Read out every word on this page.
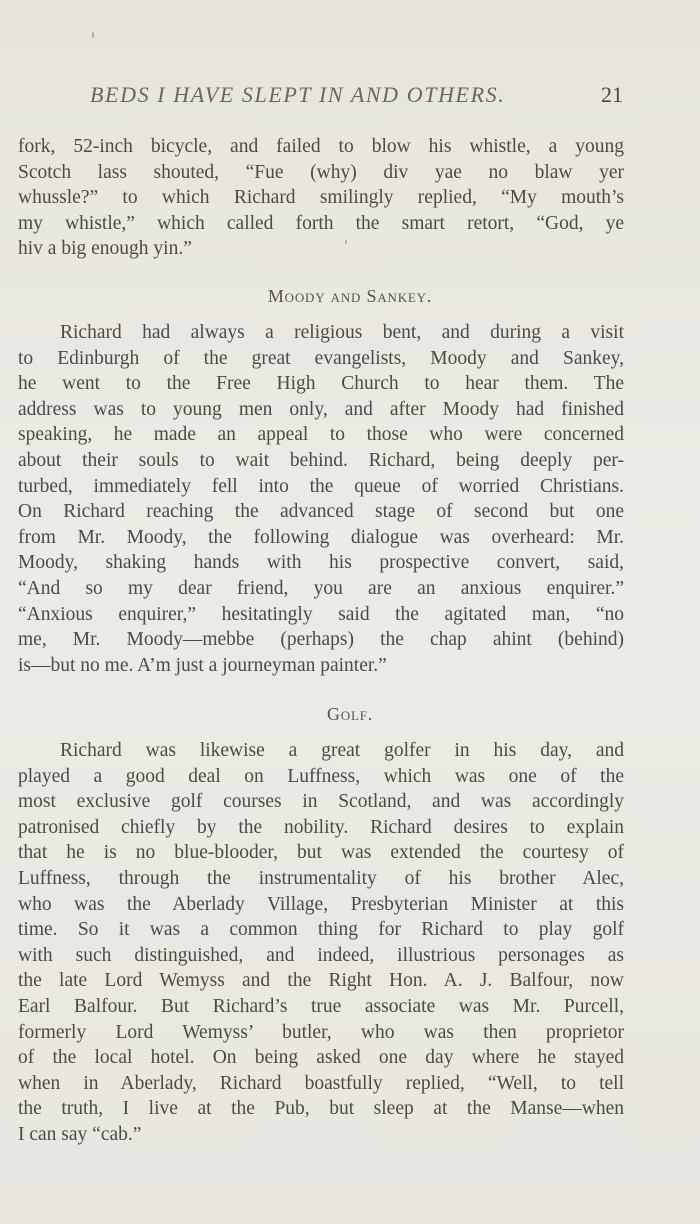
BEDS I HAVE SLEPT IN AND OTHERS.	21
fork, 52-inch bicycle, and failed to blow his whistle, a young
Scotch lass shouted, “Fue (why) div yae no blaw yer
whussle?” to which Richard smilingly replied, “My mouth’s
my whistle,” which called forth the smart retort, “God, ye
hiv a big enough yin.”
Moody and Sankey.
Richard had always a religious bent, and during a visit
to Edinburgh of the great evangelists, Moody and Sankey,
he went to the Free High Church to hear them. The
address was to young men only, and after Moody had finished
speaking, he made an appeal to those who were concerned
about their souls to wait behind. Richard, being deeply per-
turbed, immediately fell into the queue of worried Christians.
On Richard reaching the advanced stage of second but one
from Mr. Moody, the following dialogue was overheard: Mr.
Moody, shaking hands with his prospective convert, said,
“And so my dear friend, you are an anxious enquirer.”
“Anxious enquirer,” hesitatingly said the agitated man, “no
me, Mr. Moody—mebbe (perhaps) the chap ahint (behind)
is—but no me. A’m just a journeyman painter.”
Golf.
Richard was likewise a great golfer in his day, and
played a good deal on Luffness, which was one of the
most exclusive golf courses in Scotland, and was accordingly
patronised chiefly by the nobility. Richard desires to explain
that he is no blue-blooder, but was extended the courtesy of
Luffness, through the instrumentality of his brother Alec,
who was the Aberlady Village, Presbyterian Minister at this
time. So it was a common thing for Richard to play golf
with such distinguished, and indeed, illustrious personages as
the late Lord Wemyss and the Right Hon. A. J. Balfour, now
Earl Balfour. But Richard’s true associate was Mr. Purcell,
formerly Lord Wemyss’ butler, who was then proprietor
of the local hotel. On being asked one day where he stayed
when in Aberlady, Richard boastfully replied, “Well, to tell
the truth, I live at the Pub, but sleep at the Manse—when
I can say “cab.”
